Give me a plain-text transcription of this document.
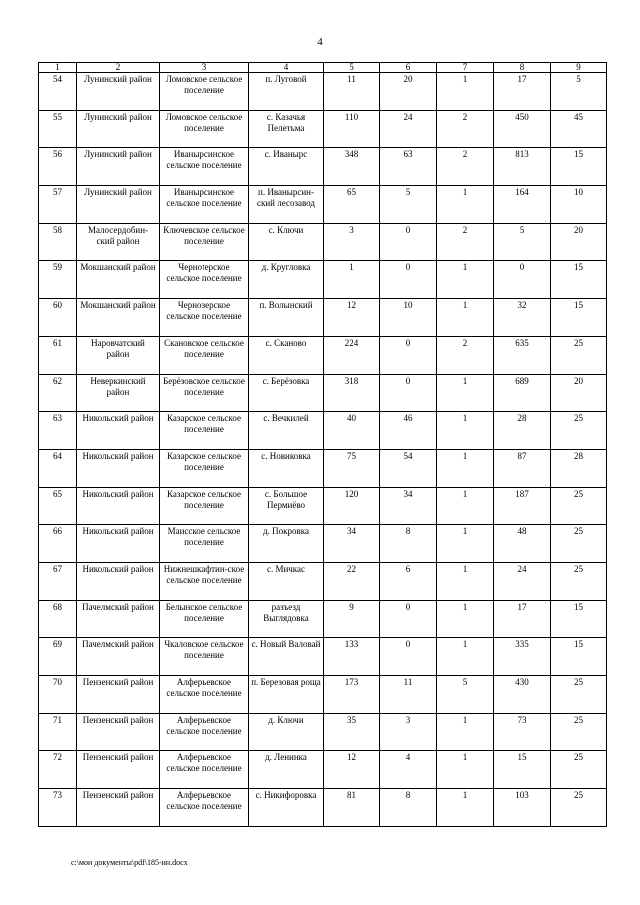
4
1	2	3	4	5	6	7	8	9
54	Лунинский район	Ломовское сельское поселение	п. Луговой	11	20	1	17	5
55	Лунинский район	Ломовское сельское поселение	с. Казачья Пелетьма	110	24	2	450	45
56	Лунинский район	Иванырсинское сельское поселение	с. Иванырс	348	63	2	813	15
57	Лунинский район	Иванырсинское сельское поселение	п. Иванырсин-ский лесозавод	65	5	1	164	10
58	Малосердобин-ский район	Ключевское сельское поселение	с. Ключи	3	0	2	5	20
59	Мокшанский район	Черноזерское сельское поселение	д. Кругловка	1	0	1	0	15
60	Мокшанский район	Чернозерское сельское поселение	п. Волынский	12	10	1	32	15
61	Наровчатский район	Скановское сельское поселение	с. Сканово	224	0	2	635	25
62	Неверкинский район	Берёзовское сельское поселение	с. Берёзовка	318	0	1	689	20
63	Никольский район	Казарское сельское поселение	с. Вечкилей	40	46	1	28	25
64	Никольский район	Казарское сельское поселение	с. Новиковка	75	54	1	87	28
65	Никольский район	Казарское сельское поселение	с. Большое Пермиёво	120	34	1	187	25
66	Никольский район	Маисское сельское поселение	д. Покровка	34	8	1	48	25
67	Никольский район	Нижнешкафтин-ское сельское поселение	с. Мичкас	22	6	1	24	25
68	Пачелмский район	Белынское сельское поселение	разъезд Выглядовка	9	0	1	17	15
69	Пачелмский район	Чкаловское сельское поселение	с. Новый Валовай	133	0	1	335	15
70	Пензенский район	Алферьевское сельское поселение	п. Березовая роща	173	11	5	430	25
71	Пензенский район	Алферьевское сельское поселение	д. Ключи	35	3	1	73	25
72	Пензенский район	Алферьевское сельское поселение	д. Ленинка	12	4	1	15	25
73	Пензенский район	Алферьевское сельское поселение	с. Никифоровка	81	8	1	103	25
c:\мои документы\pdf\185-ин.docx
